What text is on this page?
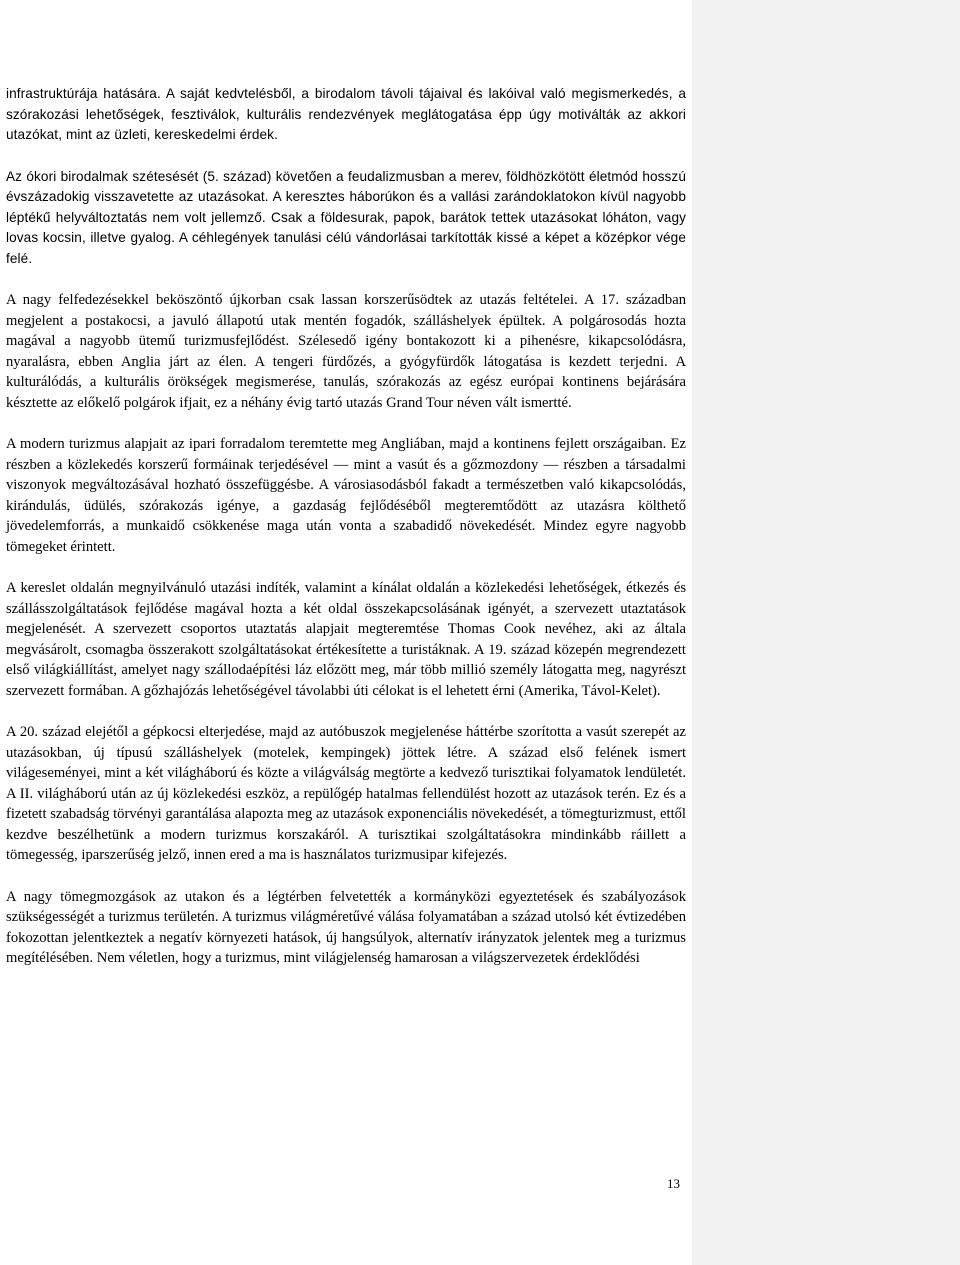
infrastruktúrája hatására. A saját kedvtelésből, a birodalom távoli tájaival és lakóival való megismerkedés, a szórakozási lehetőségek, fesztiválok, kulturális rendezvények meglátogatása épp úgy motiválták az akkori utazókat, mint az üzleti, kereskedelmi érdek.

Az ókori birodalmak szétesését (5. század) követően a feudalizmusban a merev, földhözkötött életmód hosszú évszázadokig visszavetette az utazásokat. A keresztes háborúkon és a vallási zarándoklatokon kívül nagyobb léptékű helyváltoztatás nem volt jellemző. Csak a földesurak, papok, barátok tettek utazásokat lóháton, vagy lovas kocsin, illetve gyalog. A céhlegények tanulási célú vándorlásai tarkították kissé a képet a középkor vége felé.

A nagy felfedezésekkel beköszöntő újkorban csak lassan korszerűsödtek az utazás feltételei. A 17. században megjelent a postakocsi, a javuló állapotú utak mentén fogadók, szálláshelyek épültek. A polgárosodás hozta magával a nagyobb ütemű turizmusfejlődést. Szélesedő igény bontakozott ki a pihenésre, kikapcsolódásra, nyaralásra, ebben Anglia járt az élen. A tengeri fürdőzés, a gyógyfürdők látogatása is kezdett terjedni. A kulturálódás, a kulturális örökségek megismerése, tanulás, szórakozás az egész európai kontinens bejárására késztette az előkelő polgárok ifjait, ez a néhány évig tartó utazás Grand Tour néven vált ismertté.

A modern turizmus alapjait az ipari forradalom teremtette meg Angliában, majd a kontinens fejlett országaiban. Ez részben a közlekedés korszerű formáinak terjedésével — mint a vasút és a gőzmozdony — részben a társadalmi viszonyok megváltozásával hozható összefüggésbe. A városiasodásból fakadt a természetben való kikapcsolódás, kirándulás, üdülés, szórakozás igénye, a gazdaság fejlődéséből megteremtődött az utazásra költhető jövedelemforrás, a munkaidő csökkenése maga után vonta a szabadidő növekedését. Mindez egyre nagyobb tömegeket érintett.

A kereslet oldalán megnyilvánuló utazási indíték, valamint a kínálat oldalán a közlekedési lehetőségek, étkezés és szállásszolgáltatások fejlődése magával hozta a két oldal összekapcsolásának igényét, a szervezett utaztatások megjelenését. A szervezett csoportos utaztatás alapjait megteremtése Thomas Cook nevéhez, aki az általa megvásárolt, csomagba összerakott szolgáltatásokat értékesítette a turistáknak. A 19. század közepén megrendezett első világkiállítást, amelyet nagy szállodaépítési láz előzött meg, már több millió személy látogatta meg, nagyrészt szervezett formában. A gőzhajózás lehetőségével távolabbi úti célokat is el lehetett érni (Amerika, Távol-Kelet).

A 20. század elejétől a gépkocsi elterjedése, majd az autóbuszok megjelenése háttérbe szorította a vasút szerepét az utazásokban, új típusú szálláshelyek (motelek, kempingek) jöttek létre. A század első felének ismert világeseményei, mint a két világháború és közte a világválság megtörte a kedvező turisztikai folyamatok lendületét. A II. világháború után az új közlekedési eszköz, a repülőgép hatalmas fellendülést hozott az utazások terén. Ez és a fizetett szabadság törvényi garantálása alapozta meg az utazások exponenciális növekedését, a tömegturizmust, ettől kezdve beszélhetünk a modern turizmus korszakáról. A turisztikai szolgáltatásokra mindinkább ráillett a tömegesség, iparszerűség jelző, innen ered a ma is használatos turizmusipar kifejezés.

A nagy tömegmozgások az utakon és a légtérben felvetették a kormányközi egyeztetések és szabályozások szükségességét a turizmus területén. A turizmus világméretűvé válása folyamatában a század utolsó két évtizedében fokozottan jelentkeztek a negatív környezeti hatások, új hangsúlyok, alternatív irányzatok jelentek meg a turizmus megítélésében. Nem véletlen, hogy a turizmus, mint világjelenség hamarosan a világszervezetek érdeklődési

13
